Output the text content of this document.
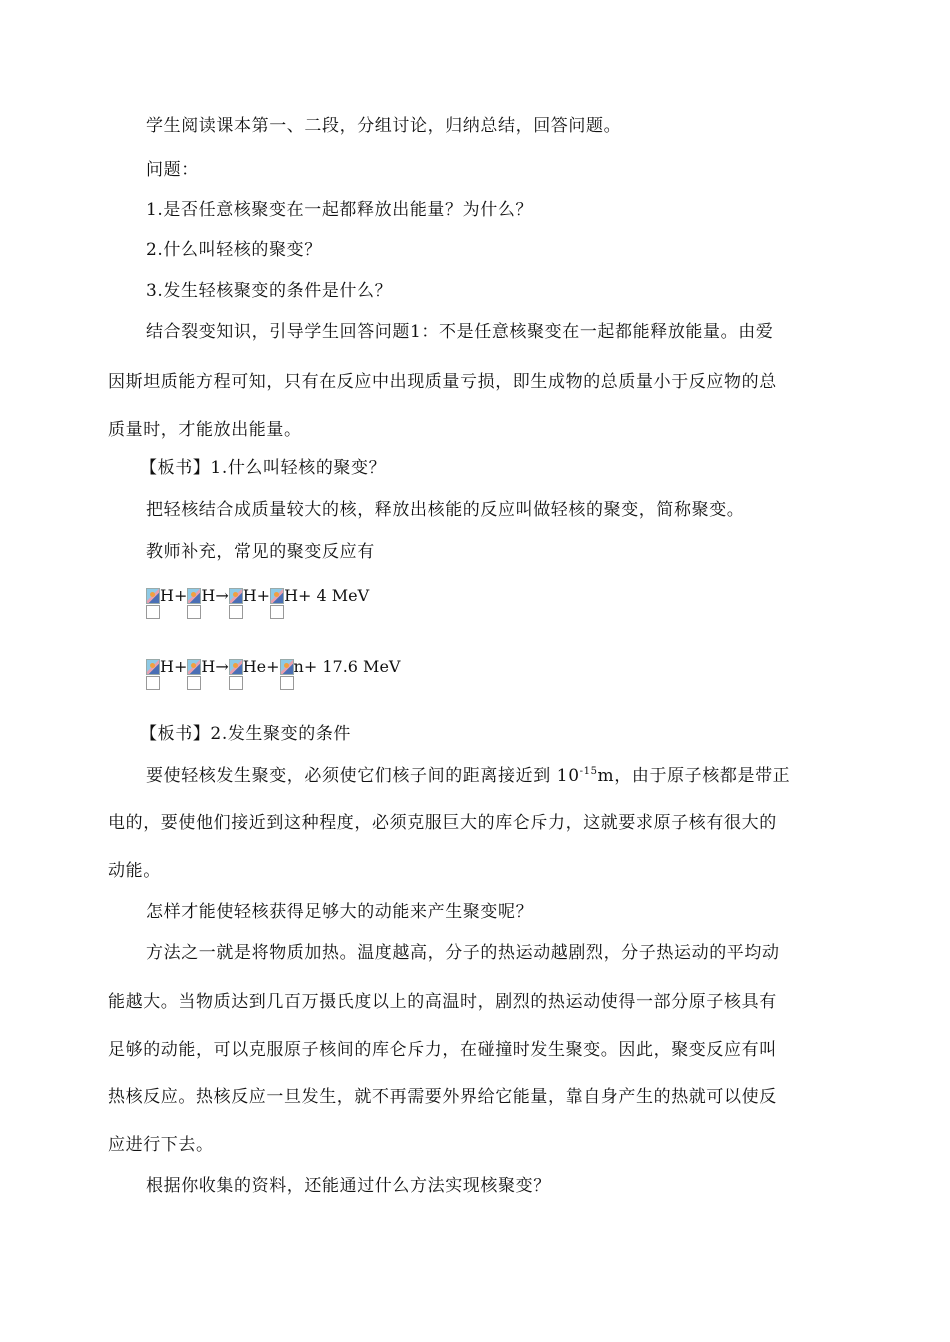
学生阅读课本第一、二段，分组讨论，归纳总结，回答问题。
问题：
1.是否任意核聚变在一起都释放出能量？为什么？
2.什么叫轻核的聚变？
3.发生轻核聚变的条件是什么？
结合裂变知识，引导学生回答问题1：不是任意核聚变在一起都能释放能量。由爱
因斯坦质能方程可知，只有在反应中出现质量亏损，即生成物的总质量小于反应物的总
质量时，才能放出能量。
【板书】1.什么叫轻核的聚变？
把轻核结合成质量较大的核，释放出核能的反应叫做轻核的聚变，简称聚变。
教师补充，常见的聚变反应有
H+ H→ H+ H+ 4 MeV
H+ H→ He+ n+ 17.6 MeV
【板书】2.发生聚变的条件
要使轻核发生聚变，必须使它们核子间的距离接近到 $10^{-15}m$，由于原子核都是带正
电的，要使他们接近到这种程度，必须克服巨大的库仑斥力，这就要求原子核有很大的
动能。
怎样才能使轻核获得足够大的动能来产生聚变呢？
方法之一就是将物质加热。温度越高，分子的热运动越剧烈，分子热运动的平均动
能越大。当物质达到几百万摄氏度以上的高温时，剧烈的热运动使得一部分原子核具有
足够的动能，可以克服原子核间的库仑斥力，在碰撞时发生聚变。因此，聚变反应有叫
热核反应。热核反应一旦发生，就不再需要外界给它能量，靠自身产生的热就可以使反
应进行下去。
根据你收集的资料，还能通过什么方法实现核聚变？
